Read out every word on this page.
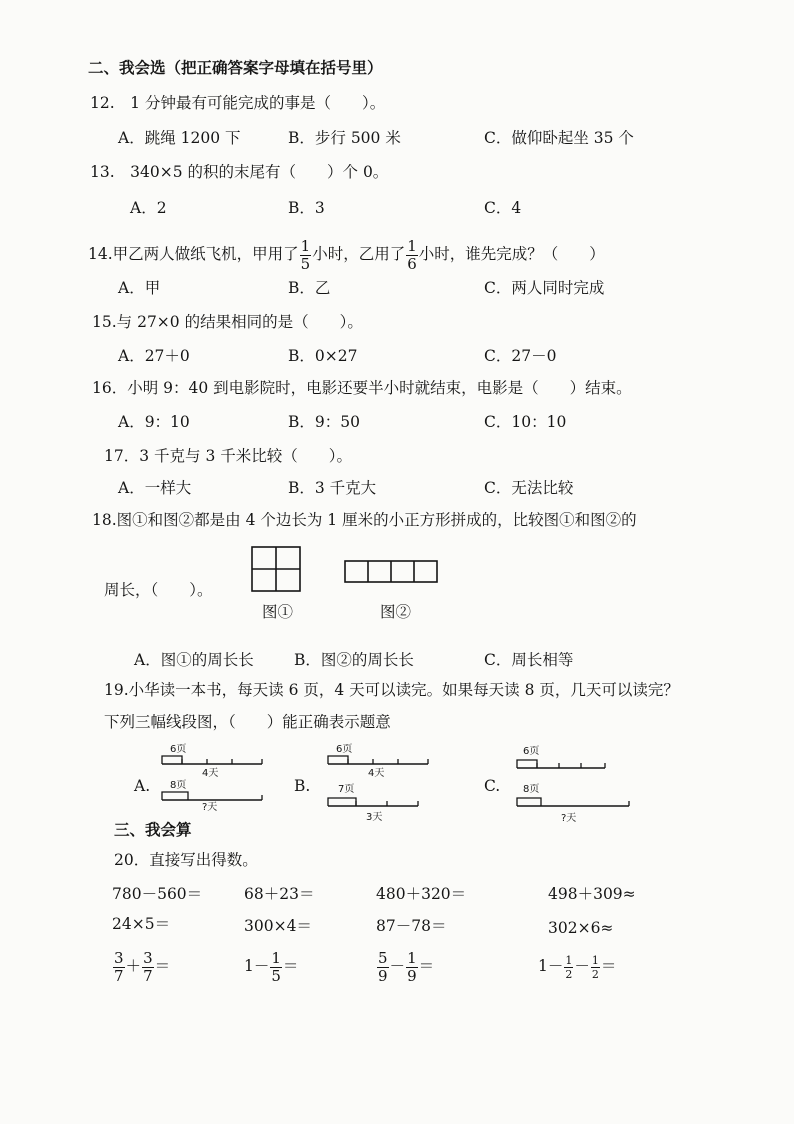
二、我会选（把正确答案字母填在括号里）
12.　1 分钟最有可能完成的事是（　　）。
A．跳绳 1200 下	B．步行 500 米	C．做仰卧起坐 35 个
13.　340×5 的积的末尾有（　　）个 0。
A．2	B．3	C．4
14.甲乙两人做纸飞机，甲用了 $\frac{1}{5}$ 小时，乙用了 $\frac{1}{6}$ 小时，谁先完成？（　　）
A．甲	B．乙	C．两人同时完成
15.与 27×0 的结果相同的是（　　）。
A．27＋0	B．0×27	C．27－0
16．小明 9：40 到电影院时，电影还要半小时就结束，电影是（　　）结束。
A．9：10	B．9：50	C．10：10
17．3 千克与 3 千米比较（　　）。
A．一样大	B．3 千克大	C．无法比较
18.图①和图②都是由 4 个边长为 1 厘米的小正方形拼成的，比较图①和图②的
周长，（　　）。
图①	图②
A．图①的周长长	B．图②的周长长	C．周长相等
19.小华读一本书，每天读 6 页，4 天可以读完。如果每天读 8 页，几天可以读完？
下列三幅线段图，（　　）能正确表示题意
A.	B.	C.
6页
4天
8页
?天
6页
4天
7页
3天
6页
8页
?天
三、我会算
20．直接写出得数。
780－560＝	68＋23＝	480＋320＝	498＋309≈
24×5＝	300×4＝	87－78＝	302×6≈
$\frac{3}{7} + \frac{3}{7}$ ＝	$1- \frac{1}{5}$ ＝	$\frac{5}{9} - \frac{1}{9}$ ＝	$1- \frac{1}{2} - \frac{1}{2}$ ＝
